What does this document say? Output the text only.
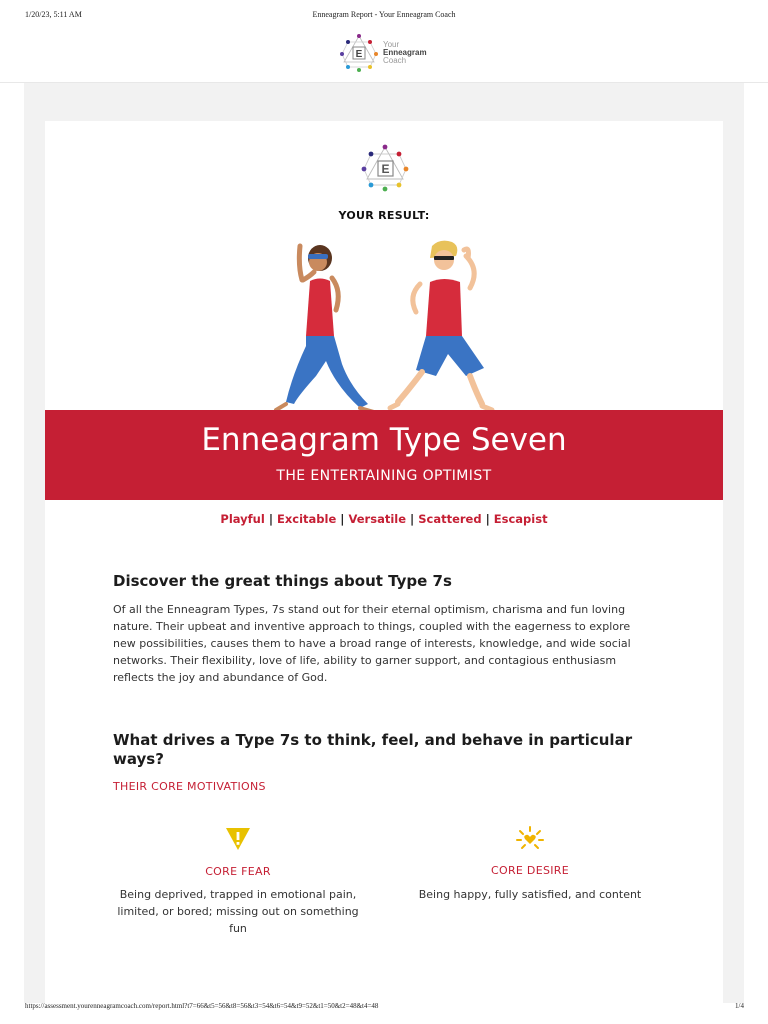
1/20/23, 5:11 AM	Enneagram Report - Your Enneagram Coach
E
Your
Enneagram
Coach
E
YOUR RESULT:
Enneagram Type Seven
THE ENTERTAINING OPTIMIST
Playful | Excitable | Versatile | Scattered | Escapist
Discover the great things about Type 7s
Of all the Enneagram Types, 7s stand out for their eternal optimism, charisma and fun loving nature. Their upbeat and inventive approach to things, coupled with the eagerness to explore new possibilities, causes them to have a broad range of interests, knowledge, and wide social networks. Their flexibility, love of life, ability to garner support, and contagious enthusiasm reflects the joy and abundance of God.
What drives a Type 7s to think, feel, and behave in particular ways?
THEIR CORE MOTIVATIONS
CORE FEAR
Being deprived, trapped in emotional pain, limited, or bored; missing out on something fun
CORE DESIRE
Being happy, fully satisfied, and content
https://assessment.yourenneagramcoach.com/report.html?t7=66&t5=56&t8=56&t3=54&t6=54&t9=52&t1=50&t2=48&t4=48	1/4
